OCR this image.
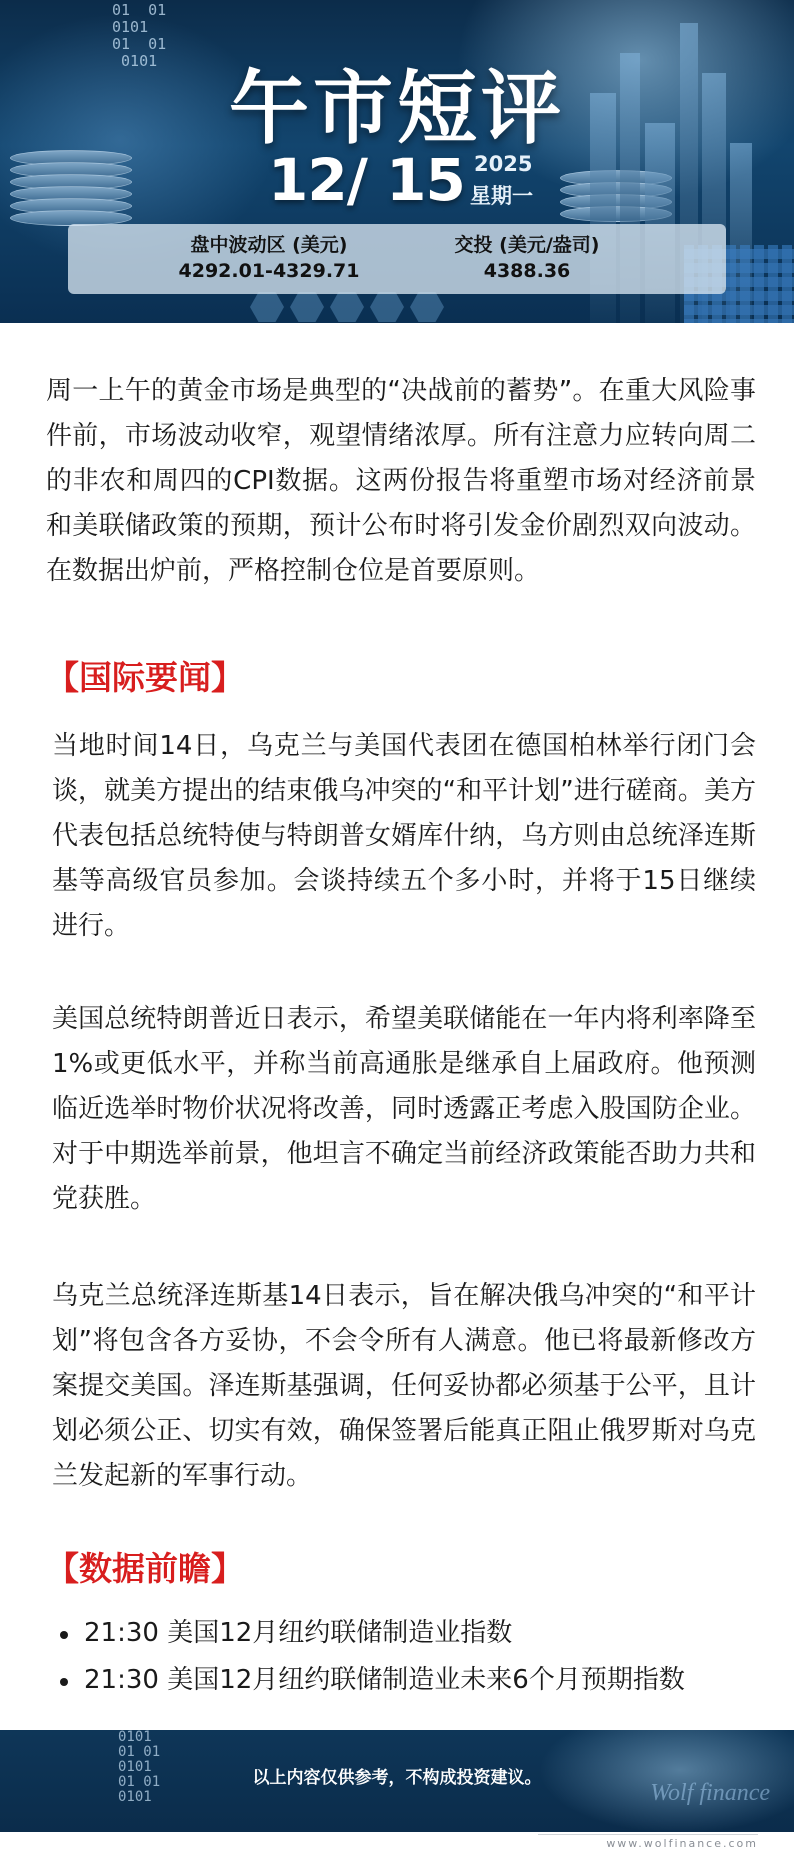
01  01
0101
01  01
0101
午市短评
12/ 15 2025
星期一
盘中波动区 (美元)
4292.01-4329.71
交投 (美元/盎司)
4388.36
周一上午的黄金市场是典型的“决战前的蓄势”。在重大风险事件前，市场波动收窄，观望情绪浓厚。所有注意力应转向周二的非农和周四的CPI数据。这两份报告将重塑市场对经济前景和美联储政策的预期，预计公布时将引发金价剧烈双向波动。在数据出炉前，严格控制仓位是首要原则。
【国际要闻】
当地时间14日，乌克兰与美国代表团在德国柏林举行闭门会谈，就美方提出的结束俄乌冲突的“和平计划”进行磋商。美方代表包括总统特使与特朗普女婿库什纳，乌方则由总统泽连斯基等高级官员参加。会谈持续五个多小时，并将于15日继续进行。
美国总统特朗普近日表示，希望美联储能在一年内将利率降至1%或更低水平，并称当前高通胀是继承自上届政府。他预测临近选举时物价状况将改善，同时透露正考虑入股国防企业。对于中期选举前景，他坦言不确定当前经济政策能否助力共和党获胜。
乌克兰总统泽连斯基14日表示，旨在解决俄乌冲突的“和平计划”将包含各方妥协，不会令所有人满意。他已将最新修改方案提交美国。泽连斯基强调，任何妥协都必须基于公平，且计划必须公正、切实有效，确保签署后能真正阻止俄罗斯对乌克兰发起新的军事行动。
【数据前瞻】
21:30 美国12月纽约联储制造业指数
21:30 美国12月纽约联储制造业未来6个月预期指数
0101
01 01
0101
01 01
0101
以上内容仅供参考，不构成投资建议。
Wolf finance
www.wolfinance.com
